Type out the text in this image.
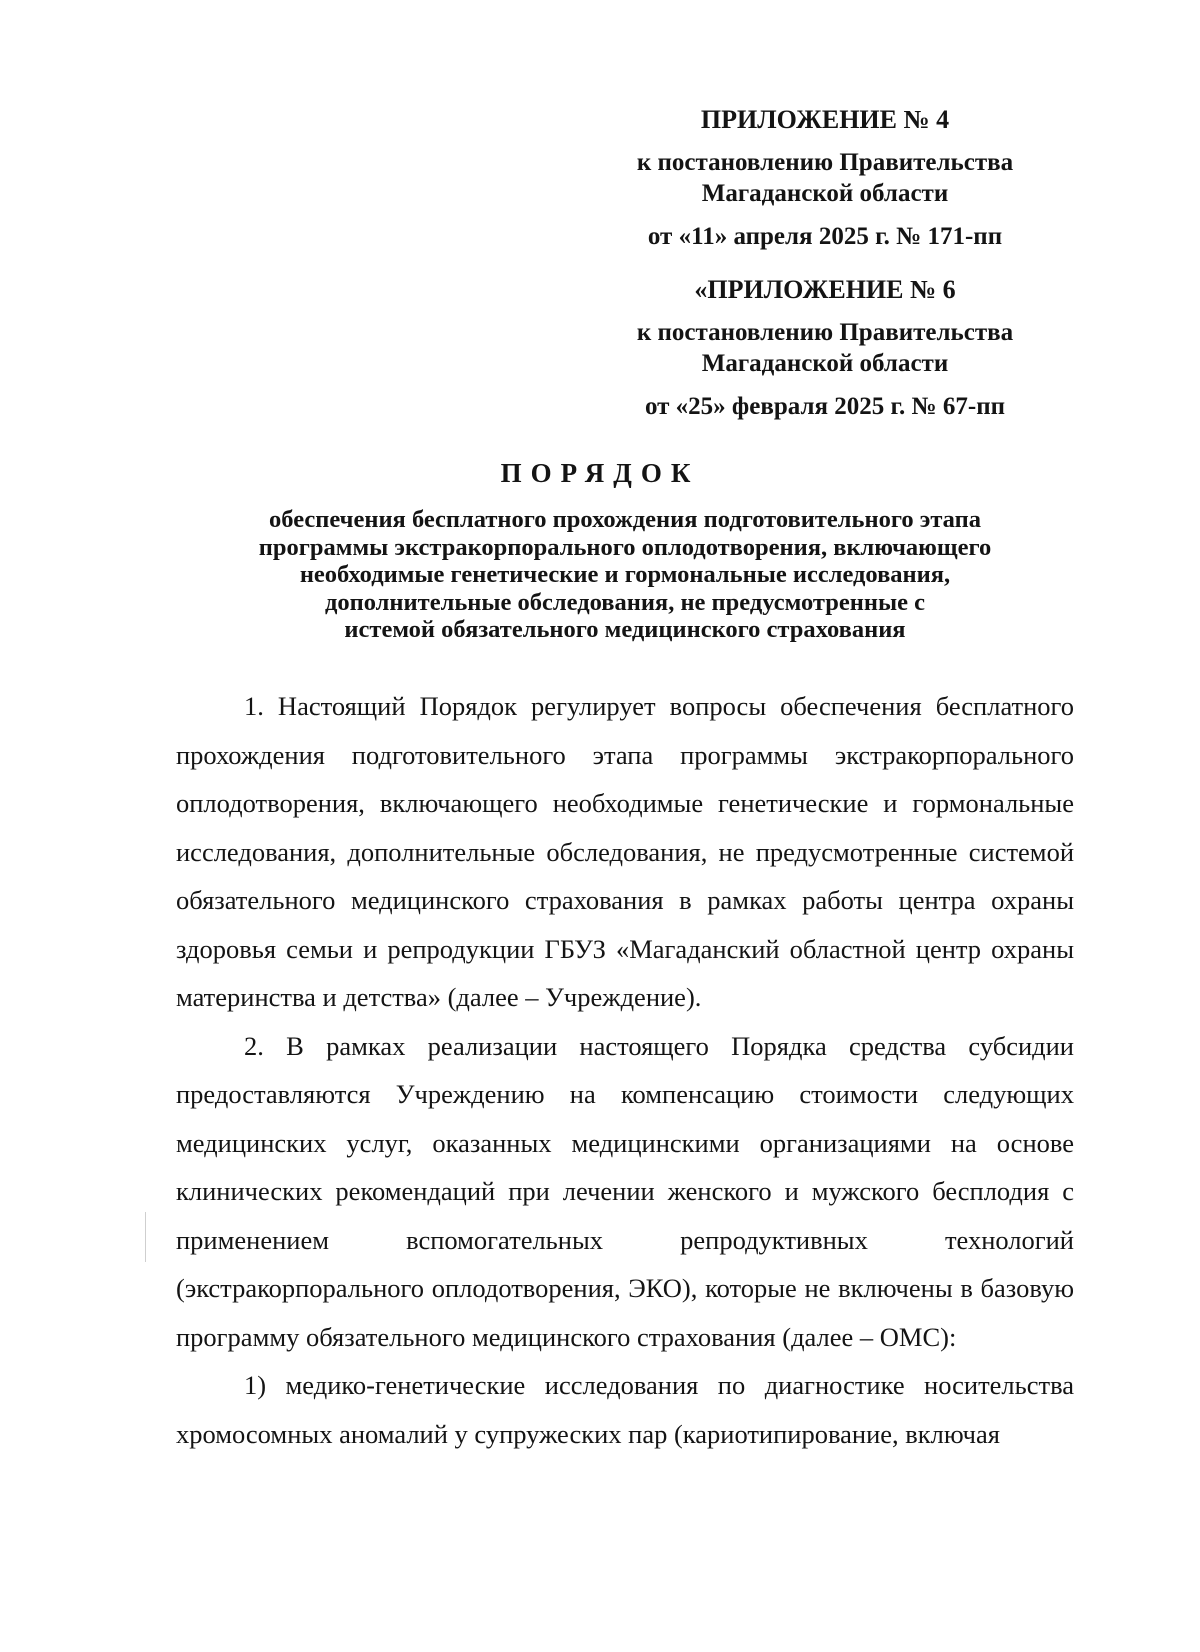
ПРИЛОЖЕНИЕ № 4
к постановлению Правительства
Магаданской области
от «11» апреля 2025 г. № 171-пп
«ПРИЛОЖЕНИЕ № 6
к постановлению Правительства
Магаданской области
от «25» февраля 2025 г. № 67-пп
ПОРЯДОК
обеспечения бесплатного прохождения подготовительного этапа
программы экстракорпорального оплодотворения, включающего
необходимые генетические и гормональные исследования,
дополнительные обследования, не предусмотренные с
истемой обязательного медицинского страхования

1. Настоящий Порядок регулирует вопросы обеспечения бесплатного прохождения подготовительного этапа программы экстракорпорального оплодотворения, включающего необходимые генетические и гормональные исследования, дополнительные обследования, не предусмотренные системой обязательного медицинского страхования в рамках работы центра охраны здоровья семьи и репродукции ГБУЗ «Магаданский областной центр охраны материнства и детства» (далее – Учреждение).

2. В рамках реализации настоящего Порядка средства субсидии предоставляются Учреждению на компенсацию стоимости следующих медицинских услуг, оказанных медицинскими организациями на основе клинических рекомендаций при лечении женского и мужского бесплодия с применением вспомогательных репродуктивных технологий (экстракорпорального оплодотворения, ЭКО), которые не включены в базовую программу обязательного медицинского страхования (далее – ОМС):

1) медико-генетические исследования по диагностике носительства хромосомных аномалий у супружеских пар (кариотипирование, включая
